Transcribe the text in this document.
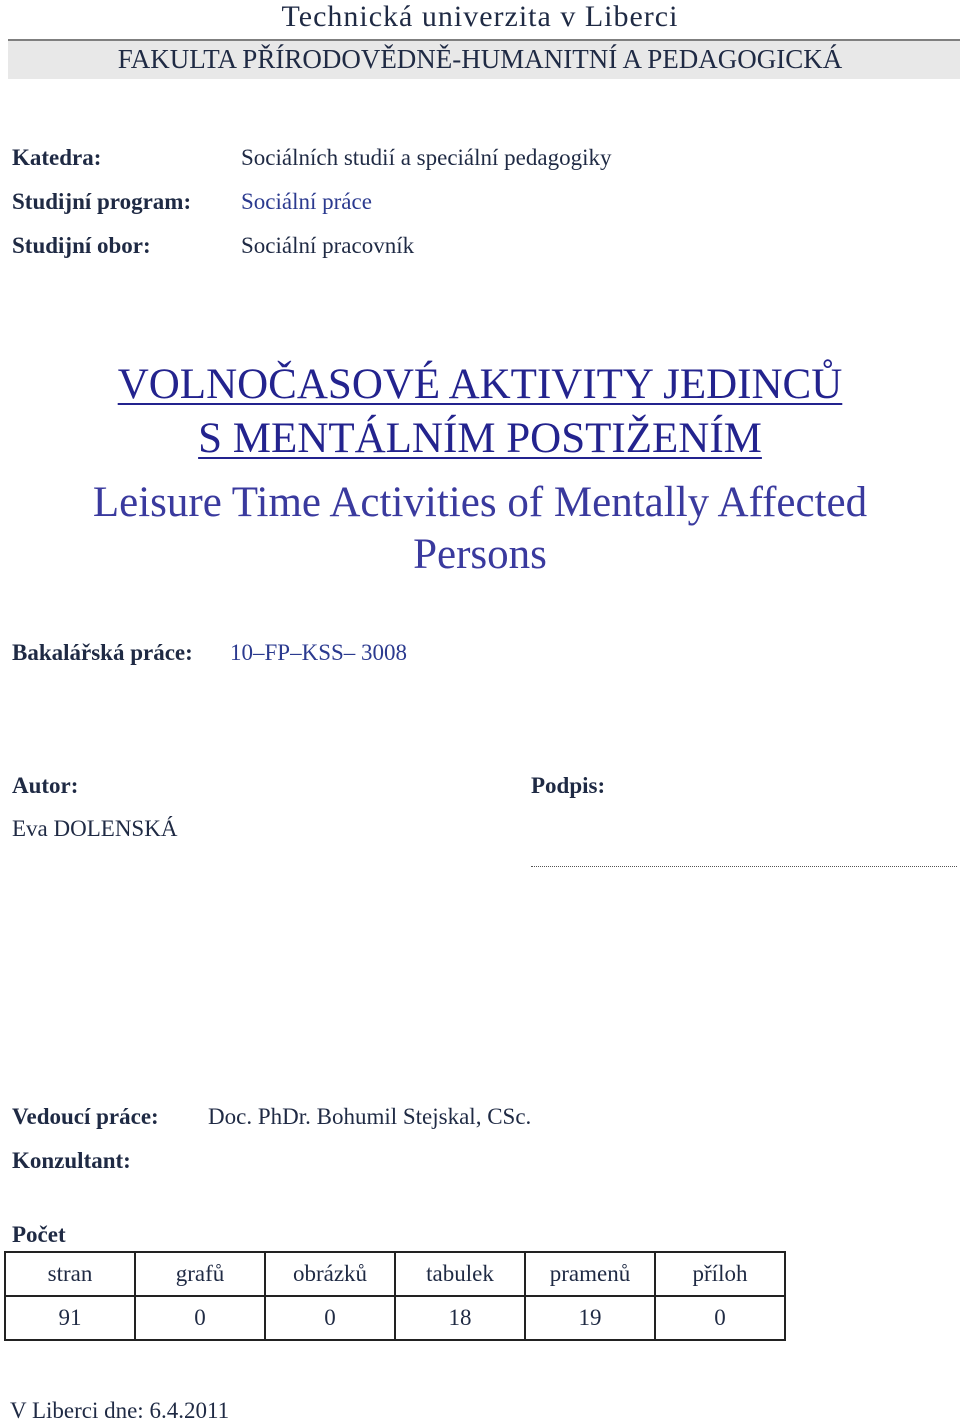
Technická univerzita v Liberci
FAKULTA PŘÍRODOVĚDNĚ-HUMANITNÍ A PEDAGOGICKÁ
Katedra:	Sociálních studií a speciální pedagogiky
Studijní program: Sociální práce
Studijní obor:	Sociální pracovník
VOLNOČASOVÉ AKTIVITY JEDINCŮ
S MENTÁLNÍM POSTIŽENÍM
Leisure Time Activities of Mentally Affected
Persons
Bakalářská práce: 10–FP–KSS– 3008
Autor:
Eva DOLENSKÁ
Podpis:
Vedoucí práce: Doc. PhDr. Bohumil Stejskal, CSc.
Konzultant:
Počet
stran	grafů	obrázků	tabulek	pramenů	příloh
91	0	0	18	19	0
V Liberci dne: 6.4.2011
